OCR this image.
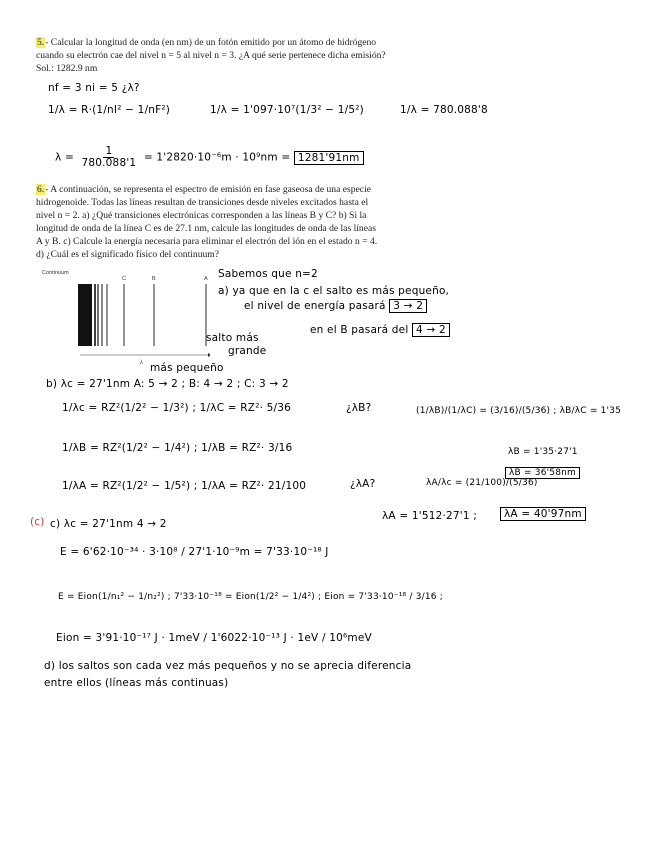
5.- Calcular la longitud de onda (en nm) de un fotón emitido por un átomo de hidrógeno
cuando su electrón cae del nivel n = 5 al nivel n = 3. ¿A qué serie pertenece dicha emisión?
Sol.: 1282.9 nm
nf = 3 ni = 5 ¿λ?
1/λ = R·(1/nI² − 1/nF²)	1/λ = 1'097·10⁷(1/3² − 1/5²)	1/λ = 780.088'8
$\lambda = \frac{1}{780.088'1} = 1'2820\cdot 10^{-6}m \cdot 10^9nm = 1281'91nm$
6.- A continuación, se representa el espectro de emisión en fase gaseosa de una especie
hidrogenoide. Todas las líneas resultan de transiciones desde niveles excitados hasta el
nivel n = 2. a) ¿Qué transiciones electrónicas corresponden a las líneas B y C? b) Si la
longitud de onda de la línea C es de 27.1 nm, calcule las longitudes de onda de las líneas
A y B. c) Calcule la energía necesaria para eliminar el electrón del ión en el estado n = 4.
d) ¿Cuál es el significado físico del continuum?
Continuum
C	B	A
λ
Sabemos que n=2
a) ya que en la c el salto es más pequeño,
el nivel de energía pasará 3 → 2
en el B pasará del 4 → 2
salto más
grande
más pequeño
b) λc = 27'1nm A: 5 → 2 ; B: 4 → 2 ; C: 3 → 2
1/λc = RZ²(1/2² − 1/3²) ; 1/λC = RZ²· 5/36
1/λB = RZ²(1/2² − 1/4²) ; 1/λB = RZ²· 3/16
1/λA = RZ²(1/2² − 1/5²) ; 1/λA = RZ²· 21/100
¿λB?	(1/λB)/(1/λC) = (3/16)/(5/36) ; λB/λC = 1'35
λB = 1'35·27'1
λB = 36'58nm
¿λA?	λA/λc = (21/100)/(5/36)
λA = 1'512·27'1 ;	λA = 40'97nm
(c) c) λc = 27'1nm 4 → 2
E = 6'62·10⁻³⁴ · 3·10⁸ / 27'1·10⁻⁹m = 7'33·10⁻¹⁸ J
E = Eion(1/n₁² − 1/n₂²) ; 7'33·10⁻¹⁸ = Eion(1/2² − 1/4²) ; Eion = 7'33·10⁻¹⁸ / 3/16 ;
Eion = 3'91·10⁻¹⁷ J · 1meV / 1'6022·10⁻¹³ J · 1eV / 10⁶meV
d) los saltos son cada vez más pequeños y no se aprecia diferencia
entre ellos (líneas más continuas)
